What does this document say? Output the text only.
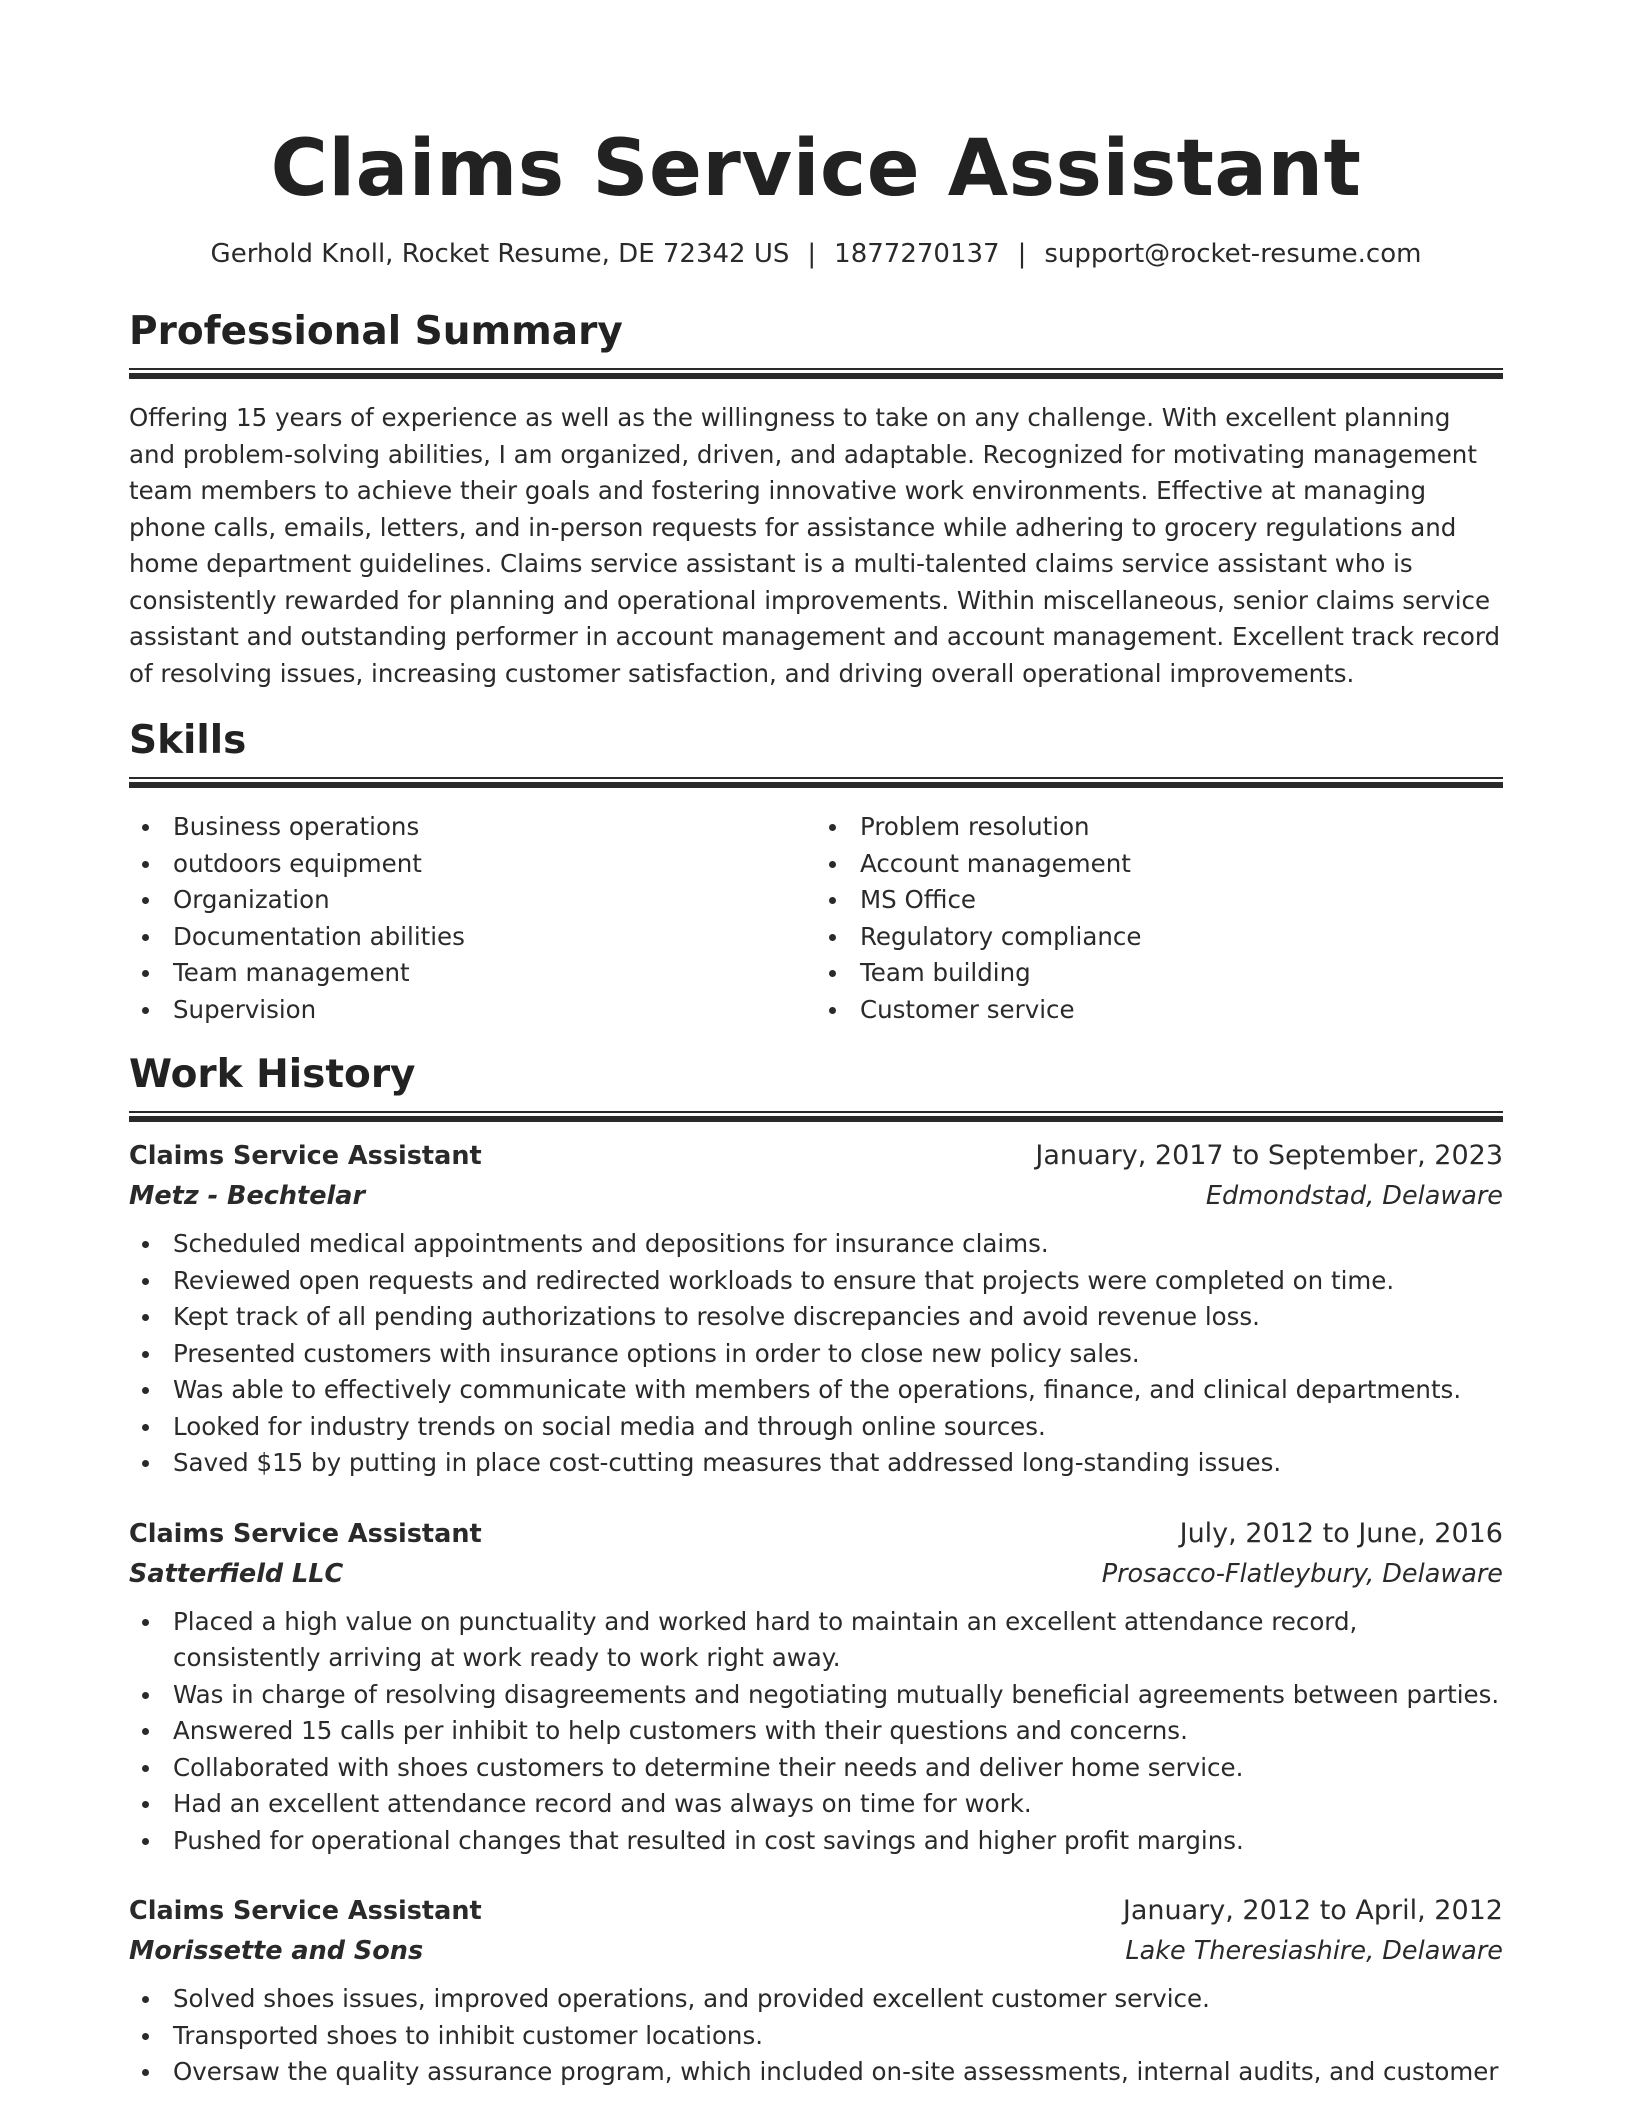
Claims Service Assistant
Gerhold Knoll, Rocket Resume, DE 72342 US | 1877270137 | support@rocket-resume.com
Professional Summary

Offering 15 years of experience as well as the willingness to take on any challenge. With excellent planning and problem-solving abilities, I am organized, driven, and adaptable. Recognized for motivating management team members to achieve their goals and fostering innovative work environments. Effective at managing phone calls, emails, letters, and in-person requests for assistance while adhering to grocery regulations and home department guidelines. Claims service assistant is a multi-talented claims service assistant who is consistently rewarded for planning and operational improvements. Within miscellaneous, senior claims service assistant and outstanding performer in account management and account management. Excellent track record of resolving issues, increasing customer satisfaction, and driving overall operational improvements.

Skills
Business operations
outdoors equipment
Organization
Documentation abilities
Team management
Supervision
Problem resolution
Account management
MS Office
Regulatory compliance
Team building
Customer service
Work History
Claims Service Assistant	January, 2017 to September, 2023
Metz - Bechtelar	Edmondstad, Delaware
Scheduled medical appointments and depositions for insurance claims.
Reviewed open requests and redirected workloads to ensure that projects were completed on time.
Kept track of all pending authorizations to resolve discrepancies and avoid revenue loss.
Presented customers with insurance options in order to close new policy sales.
Was able to effectively communicate with members of the operations, finance, and clinical departments.
Looked for industry trends on social media and through online sources.
Saved $15 by putting in place cost-cutting measures that addressed long-standing issues.
Claims Service Assistant	July, 2012 to June, 2016
Satterfield LLC	Prosacco-Flatleybury, Delaware
Placed a high value on punctuality and worked hard to maintain an excellent attendance record, consistently arriving at work ready to work right away.
Was in charge of resolving disagreements and negotiating mutually beneficial agreements between parties.
Answered 15 calls per inhibit to help customers with their questions and concerns.
Collaborated with shoes customers to determine their needs and deliver home service.
Had an excellent attendance record and was always on time for work.
Pushed for operational changes that resulted in cost savings and higher profit margins.
Claims Service Assistant	January, 2012 to April, 2012
Morissette and Sons	Lake Theresiashire, Delaware
Solved shoes issues, improved operations, and provided excellent customer service.
Transported shoes to inhibit customer locations.
Oversaw the quality assurance program, which included on-site assessments, internal audits, and customer
